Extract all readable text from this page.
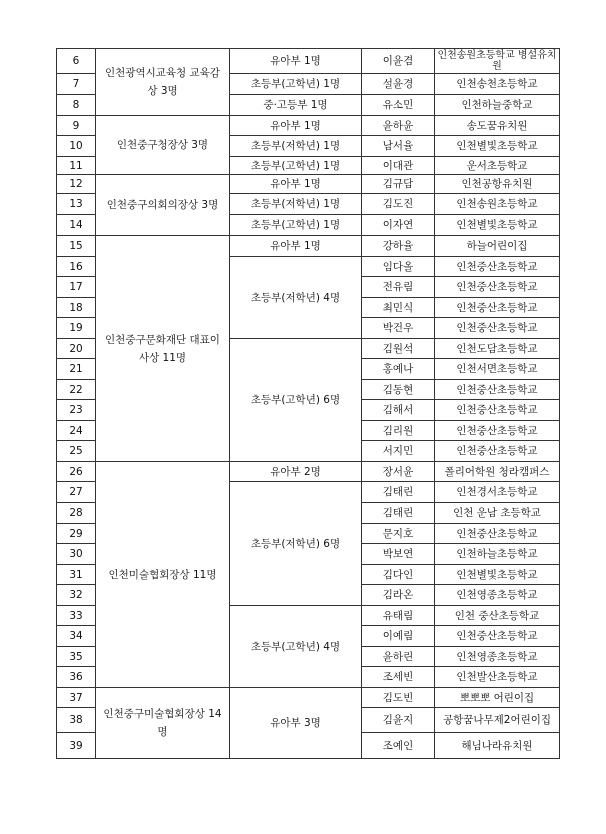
6	인천광역시교육청 교육감상 3명	유아부 1명	이윤겸	인천송원초등학교 병설유치원
7		초등부(고학년) 1명	설윤경	인천송천초등학교
8		중·고등부 1명	유소민	인천하늘중학교
9	인천중구청장상 3명	유아부 1명	윤하윤	송도꿈유치원
10		초등부(저학년) 1명	남서율	인천별빛초등학교
11		초등부(고학년) 1명	이대관	운서초등학교
12	인천중구의회의장상 3명	유아부 1명	김규담	인천공항유치원
13		초등부(저학년) 1명	김도진	인천송원초등학교
14		초등부(고학년) 1명	이자연	인천별빛초등학교
15	인천중구문화재단 대표이사상 11명	유아부 1명	강하율	하늘어린이집
16		초등부(저학년) 4명	임다올	인천중산초등학교
17			전유림	인천중산초등학교
18			최민식	인천중산초등학교
19			박건우	인천중산초등학교
20		초등부(고학년) 6명	김원석	인천도담초등학교
21			홍예나	인천서면초등학교
22			김동현	인천중산초등학교
23			김해서	인천중산초등학교
24			김리원	인천중산초등학교
25			서지민	인천중산초등학교
26	인천미술협회장상 11명	유아부 2명	장서윤	폴리어학원 청라캠퍼스
27		초등부(저학년) 6명	김태린	인천경서초등학교
28			김태린	인천 운남 초등학교
29			문지호	인천중산초등학교
30			박보연	인천하늘초등학교
31			김다인	인천별빛초등학교
32			김라온	인천영종초등학교
33		초등부(고학년) 4명	유태림	인천 중산초등학교
34			이예림	인천중산초등학교
35			윤하린	인천영종초등학교
36			조세빈	인천발산초등학교
37	인천중구미술협회장상 14명	유아부 3명	김도빈	뽀뽀뽀 어린이집
38			김윤지	공항꿈나무제2어린이집
39			조예인	해님나라유치원
